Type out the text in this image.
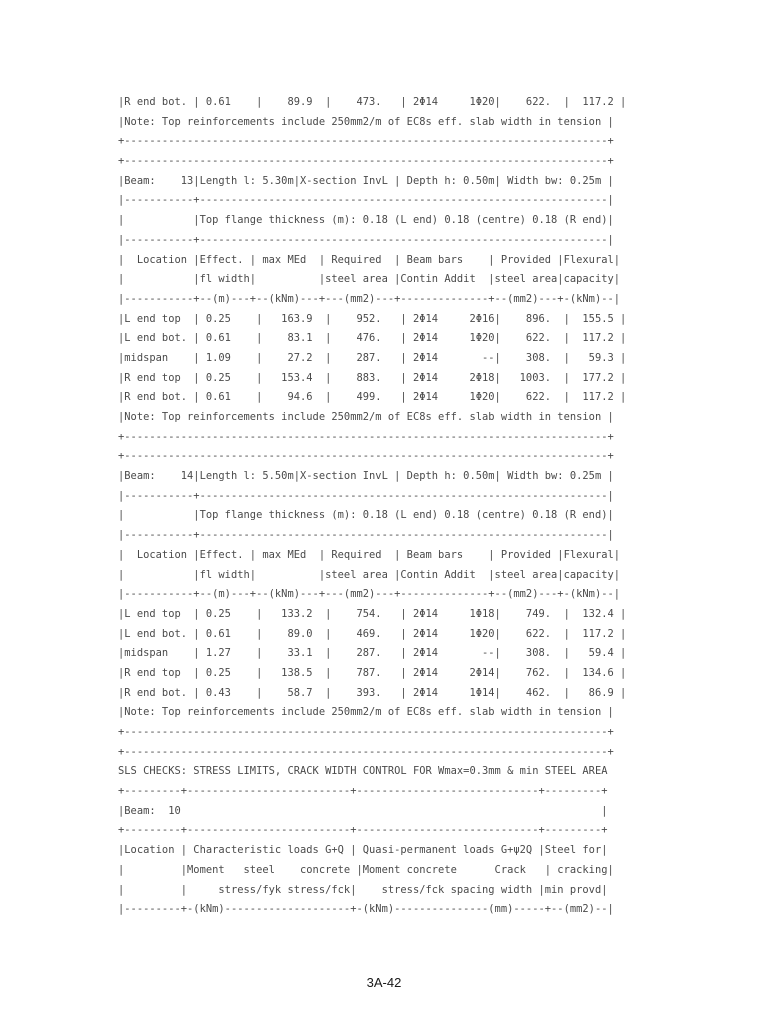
|R end bot. | 0.61    |    89.9  |    473.   | 2Φ14     1Φ20|    622.  |  117.2 |
|Note: Top reinforcements include 250mm2/m of EC8s eff. slab width in tension |
+-----------------------------------------------------------------------------+
+-----------------------------------------------------------------------------+
|Beam:    13|Length l: 5.30m|X-section InvL | Depth h: 0.50m| Width bw: 0.25m |
|-----------+-----------------------------------------------------------------|
|           |Top flange thickness (m): 0.18 (L end) 0.18 (centre) 0.18 (R end)|
|-----------+-----------------------------------------------------------------|
|  Location |Effect. | max MEd  | Required  | Beam bars    | Provided |Flexural|
|           |fl width|          |steel area |Contin Addit  |steel area|capacity|
|-----------+--(m)---+--(kNm)---+---(mm2)---+--------------+--(mm2)---+-(kNm)--|
|L end top  | 0.25    |   163.9  |    952.   | 2Φ14     2Φ16|    896.  |  155.5 |
|L end bot. | 0.61    |    83.1  |    476.   | 2Φ14     1Φ20|    622.  |  117.2 |
|midspan    | 1.09    |    27.2  |    287.   | 2Φ14       --|    308.  |   59.3 |
|R end top  | 0.25    |   153.4  |    883.   | 2Φ14     2Φ18|   1003.  |  177.2 |
|R end bot. | 0.61    |    94.6  |    499.   | 2Φ14     1Φ20|    622.  |  117.2 |
|Note: Top reinforcements include 250mm2/m of EC8s eff. slab width in tension |
+-----------------------------------------------------------------------------+
+-----------------------------------------------------------------------------+
|Beam:    14|Length l: 5.50m|X-section InvL | Depth h: 0.50m| Width bw: 0.25m |
|-----------+-----------------------------------------------------------------|
|           |Top flange thickness (m): 0.18 (L end) 0.18 (centre) 0.18 (R end)|
|-----------+-----------------------------------------------------------------|
|  Location |Effect. | max MEd  | Required  | Beam bars    | Provided |Flexural|
|           |fl width|          |steel area |Contin Addit  |steel area|capacity|
|-----------+--(m)---+--(kNm)---+---(mm2)---+--------------+--(mm2)---+-(kNm)--|
|L end top  | 0.25    |   133.2  |    754.   | 2Φ14     1Φ18|    749.  |  132.4 |
|L end bot. | 0.61    |    89.0  |    469.   | 2Φ14     1Φ20|    622.  |  117.2 |
|midspan    | 1.27    |    33.1  |    287.   | 2Φ14       --|    308.  |   59.4 |
|R end top  | 0.25    |   138.5  |    787.   | 2Φ14     2Φ14|    762.  |  134.6 |
|R end bot. | 0.43    |    58.7  |    393.   | 2Φ14     1Φ14|    462.  |   86.9 |
|Note: Top reinforcements include 250mm2/m of EC8s eff. slab width in tension |
+-----------------------------------------------------------------------------+
+-----------------------------------------------------------------------------+
SLS CHECKS: STRESS LIMITS, CRACK WIDTH CONTROL FOR Wmax=0.3mm & min STEEL AREA
+---------+--------------------------+-----------------------------+---------+
|Beam:  10                                                                   |
+---------+--------------------------+-----------------------------+---------+
|Location | Characteristic loads G+Q | Quasi-permanent loads G+ψ2Q |Steel for|
|         |Moment   steel    concrete |Moment concrete      Crack   | cracking|
|         |     stress/fyk stress/fck|    stress/fck spacing width |min provd|
|---------+-(kNm)--------------------+-(kNm)---------------(mm)-----+--(mm2)--|
3A-42
